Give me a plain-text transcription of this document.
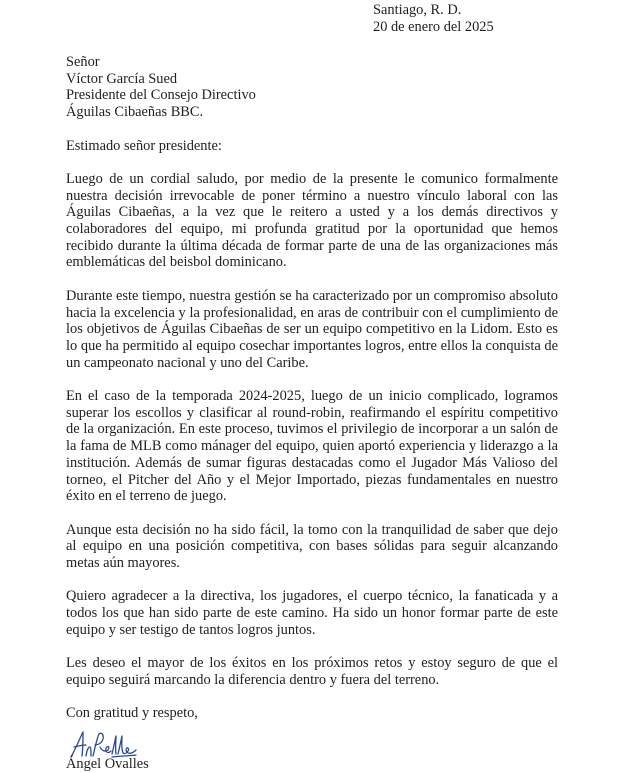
Santiago, R. D.
20 de enero del 2025
Señor
Víctor García Sued
Presidente del Consejo Directivo
Águilas Cibaeñas BBC.
Estimado señor presidente:

Luego de un cordial saludo, por medio de la presente le comunico formalmente nuestra decisión irrevocable de poner término a nuestro vínculo laboral con las Águilas Cibaeñas, a la vez que le reitero a usted y a los demás directivos y colaboradores del equipo, mi profunda gratitud por la oportunidad que hemos recibido durante la última década de formar parte de una de las organizaciones más emblemáticas del beisbol dominicano.

Durante este tiempo, nuestra gestión se ha caracterizado por un compromiso absoluto hacia la excelencia y la profesionalidad, en aras de contribuir con el cumplimiento de los objetivos de Águilas Cibaeñas de ser un equipo competitivo en la Lidom. Esto es lo que ha permitido al equipo cosechar importantes logros, entre ellos la conquista de un campeonato nacional y uno del Caribe.

En el caso de la temporada 2024-2025, luego de un inicio complicado, logramos superar los escollos y clasificar al round-robin, reafirmando el espíritu competitivo de la organización. En este proceso, tuvimos el privilegio de incorporar a un salón de la fama de MLB como mánager del equipo, quien aportó experiencia y liderazgo a la institución. Además de sumar figuras destacadas como el Jugador Más Valioso del torneo, el Pitcher del Año y el Mejor Importado, piezas fundamentales en nuestro éxito en el terreno de juego.

Aunque esta decisión no ha sido fácil, la tomo con la tranquilidad de saber que dejo al equipo en una posición competitiva, con bases sólidas para seguir alcanzando metas aún mayores.

Quiero agradecer a la directiva, los jugadores, el cuerpo técnico, la fanaticada y a todos los que han sido parte de este camino. Ha sido un honor formar parte de este equipo y ser testigo de tantos logros juntos.

Les deseo el mayor de los éxitos en los próximos retos y estoy seguro de que el equipo seguirá marcando la diferencia dentro y fuera del terreno.

Con gratitud y respeto,
Ángel Ovalles
